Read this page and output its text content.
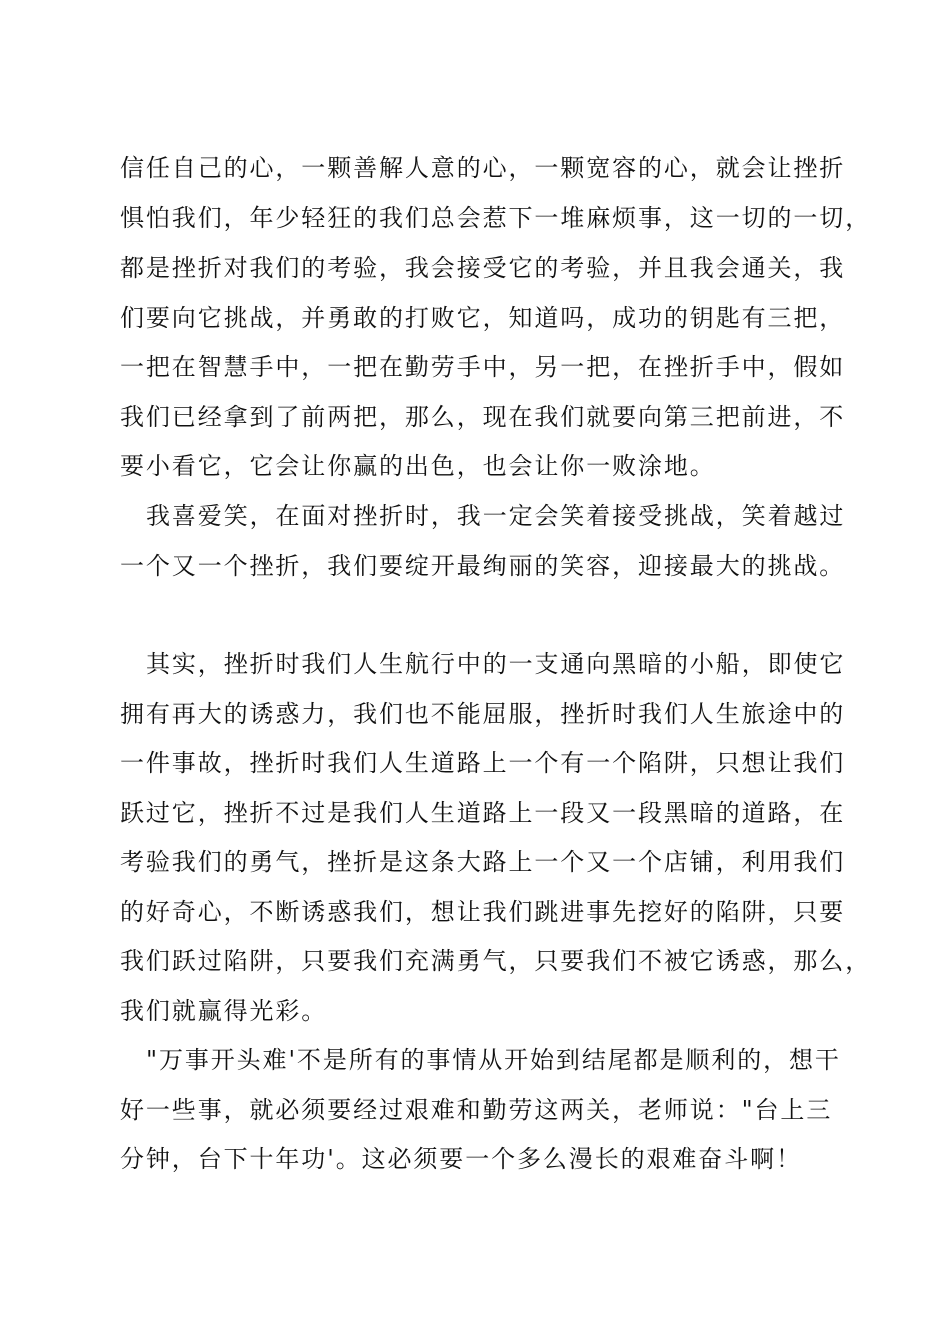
信任自己的心，一颗善解人意的心，一颗宽容的心，就会让挫折
惧怕我们，年少轻狂的我们总会惹下一堆麻烦事，这一切的一切，
都是挫折对我们的考验，我会接受它的考验，并且我会通关，我
们要向它挑战，并勇敢的打败它，知道吗，成功的钥匙有三把，
一把在智慧手中，一把在勤劳手中，另一把，在挫折手中，假如
我们已经拿到了前两把，那么，现在我们就要向第三把前进，不
要小看它，它会让你赢的出色，也会让你一败涂地。
我喜爱笑，在面对挫折时，我一定会笑着接受挑战，笑着越过
一个又一个挫折，我们要绽开最绚丽的笑容，迎接最大的挑战。
其实，挫折时我们人生航行中的一支通向黑暗的小船，即使它
拥有再大的诱惑力，我们也不能屈服，挫折时我们人生旅途中的
一件事故，挫折时我们人生道路上一个有一个陷阱，只想让我们
跃过它，挫折不过是我们人生道路上一段又一段黑暗的道路，在
考验我们的勇气，挫折是这条大路上一个又一个店铺，利用我们
的好奇心，不断诱惑我们，想让我们跳进事先挖好的陷阱，只要
我们跃过陷阱，只要我们充满勇气，只要我们不被它诱惑，那么，
我们就赢得光彩。
"万事开头难'不是所有的事情从开始到结尾都是顺利的，想干
好一些事，就必须要经过艰难和勤劳这两关，老师说："台上三
分钟，台下十年功'。这必须要一个多么漫长的艰难奋斗啊！
